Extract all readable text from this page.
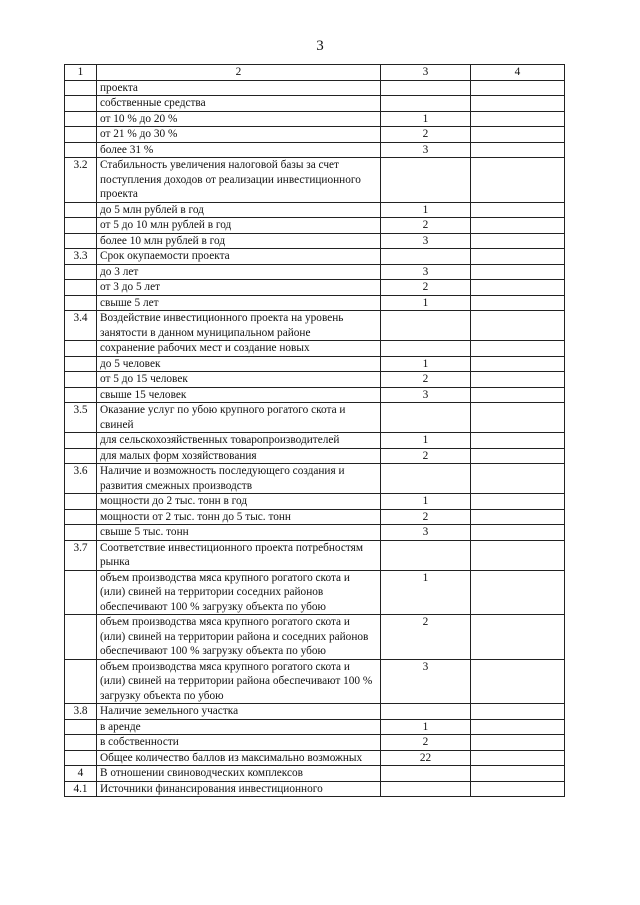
3
1	2	3	4
	проекта		
	собственные средства		
	от 10 % до 20 %	1	
	от 21 % до 30 %	2	
	более 31 %	3	
3.2	Стабильность увеличения налоговой базы за счет поступления доходов от реализации инвестиционного проекта		
	до 5 млн рублей в год	1	
	от 5 до 10 млн рублей в год	2	
	более 10 млн рублей в год	3	
3.3	Срок окупаемости проекта		
	до 3 лет	3	
	от 3 до 5 лет	2	
	свыше 5 лет	1	
3.4	Воздействие инвестиционного проекта на уровень занятости в данном муниципальном районе		
	сохранение рабочих мест и создание новых		
	до 5 человек	1	
	от 5 до 15 человек	2	
	свыше 15 человек	3	
3.5	Оказание услуг по убою крупного рогатого скота и свиней		
	для сельскохозяйственных товаропроизводителей	1	
	для малых форм хозяйствования	2	
3.6	Наличие и возможность последующего создания и развития смежных производств		
	мощности до 2 тыс. тонн в год	1	
	мощности от 2 тыс. тонн до 5 тыс. тонн	2	
	свыше 5 тыс. тонн	3	
3.7	Соответствие инвестиционного проекта потребностям рынка		
	объем производства мяса крупного рогатого скота и (или) свиней на территории соседних районов обеспечивают 100 % загрузку объекта по убою	1	
	объем производства мяса крупного рогатого скота и (или) свиней на территории района и соседних районов обеспечивают 100 % загрузку объекта по убою	2	
	объем производства мяса крупного рогатого скота и (или) свиней на территории района обеспечивают 100 % загрузку объекта по убою	3	
3.8	Наличие земельного участка		
	в аренде	1	
	в собственности	2	
	Общее количество баллов из максимально возможных	22	
4	В отношении свиноводческих комплексов		
4.1	Источники финансирования инвестиционного		
